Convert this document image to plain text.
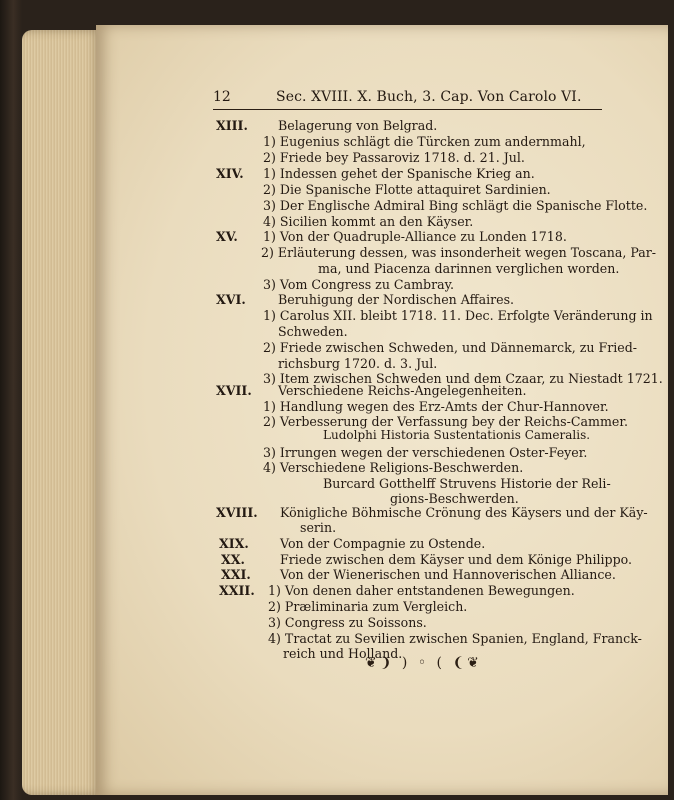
12	Sec. XVIII. X. Buch, 3. Cap. Von Carolo VI.
XIII. Belagerung von Belgrad.
1) Eugenius schlägt die Türcken zum andernmahl,
2) Friede bey Passaroviz 1718. d. 21. Jul.
XIV. 1) Indessen gehet der Spanische Krieg an.
2) Die Spanische Flotte attaquiret Sardinien.
3) Der Englische Admiral Bing schlägt die Spanische Flotte.
4) Sicilien kommt an den Käyser.
XV. 1) Von der Quadruple-Alliance zu Londen 1718.
2) Erläuterung dessen, was insonderheit wegen Toscana, Par-
ma, und Piacenza darinnen verglichen worden.
3) Vom Congress zu Cambray.
XVI.	Beruhigung der Nordischen Affaires.
1) Carolus XII. bleibt 1718. 11. Dec. Erfolgte Veränderung in
Schweden.
2) Friede zwischen Schweden, und Dännemarck, zu Fried-
richsburg 1720. d. 3. Jul.
3) Item zwischen Schweden und dem Czaar, zu Niestadt 1721.
XVII. Verschiedene Reichs-Angelegenheiten.
1) Handlung wegen des Erz-Amts der Chur-Hannover.
2) Verbesserung der Verfassung bey der Reichs-Cammer.
Ludolphi Historia Sustentationis Cameralis.
3) Irrungen wegen der verschiedenen Oster-Feyer.
4) Verschiedene Religions-Beschwerden.
Burcard Gotthelff Struvens Historie der Reli-
gions-Beschwerden.
XVIII. Königliche Böhmische Crönung des Käysers und der Käy-
serin.
XIX. Von der Compagnie zu Ostende.
XX.	Friede zwischen dem Käyser und dem Könige Philippo.
XXI. Von der Wienerischen und Hannoverischen Alliance.
XXII. 1) Von denen daher entstandenen Bewegungen.
2) Præliminaria zum Vergleich.
3) Congress zu Soissons.
4) Tractat zu Sevilien zwischen Spanien, England, Franck-
reich und Holland.
❦❩ ) ◦ ( ❨❦
